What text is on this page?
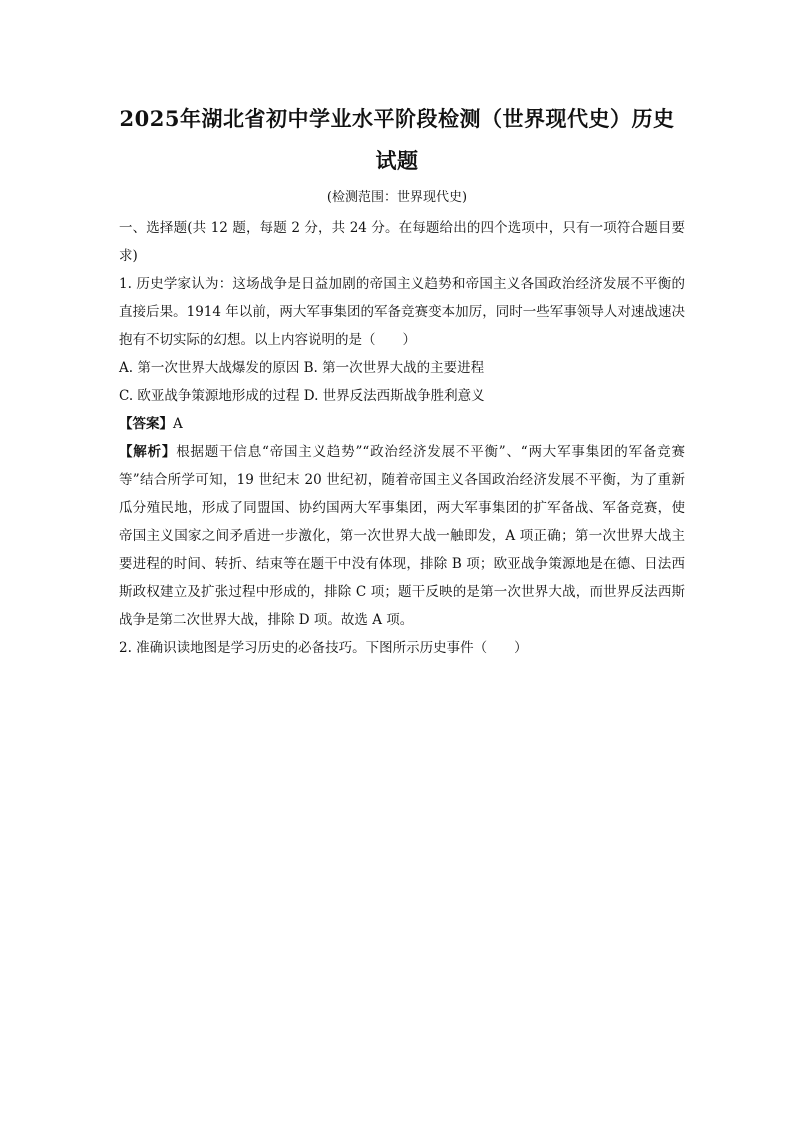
2025年湖北省初中学业水平阶段检测（世界现代史）历史
试题
(检测范围：世界现代史)

一、选择题(共 12 题，每题 2 分，共 24 分。在每题给出的四个选项中，只有一项符合题目要求)

1. 历史学家认为：这场战争是日益加剧的帝国主义趋势和帝国主义各国政治经济发展不平衡的直接后果。1914 年以前，两大军事集团的军备竞赛变本加厉，同时一些军事领导人对速战速决抱有不切实际的幻想。以上内容说明的是（　　）

A. 第一次世界大战爆发的原因 B. 第一次世界大战的主要进程

C. 欧亚战争策源地形成的过程 D. 世界反法西斯战争胜利意义

【答案】A

【解析】根据题干信息“帝国主义趋势”“政治经济发展不平衡”、“两大军事集团的军备竞赛等”结合所学可知，19 世纪末 20 世纪初，随着帝国主义各国政治经济发展不平衡，为了重新瓜分殖民地，形成了同盟国、协约国两大军事集团，两大军事集团的扩军备战、军备竞赛，使帝国主义国家之间矛盾进一步激化，第一次世界大战一触即发，A 项正确；第一次世界大战主要进程的时间、转折、结束等在题干中没有体现，排除 B 项；欧亚战争策源地是在德、日法西斯政权建立及扩张过程中形成的，排除 C 项；题干反映的是第一次世界大战，而世界反法西斯战争是第二次世界大战，排除 D 项。故选 A 项。

2. 准确识读地图是学习历史的必备技巧。下图所示历史事件（　　）
